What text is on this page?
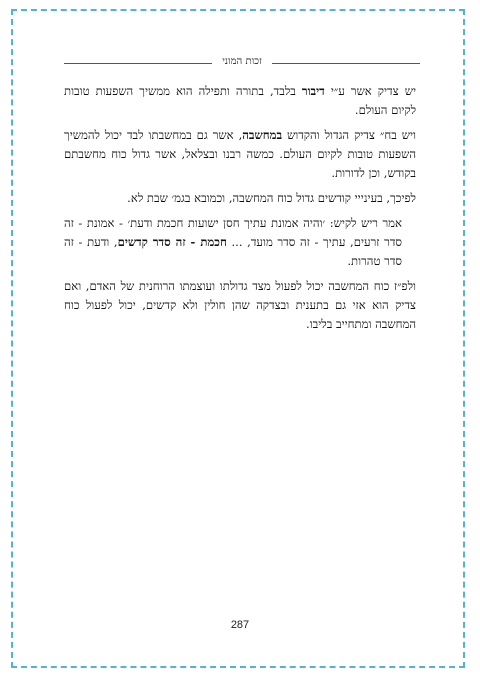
זכות המוני

יש צדיק אשר ע״י דיבור בלבד, בתורה ותפילה הוא ממשיך השפעות טובות לקיום העולם.

ויש בח״ צדיק הגדול והקדוש במחשבה, אשר גם במחשבתו לבד יכול להמשיך השפעות טובות לקיום העולם. כמשה רבנו ובצלאל, אשר גדול כוח מחשבתם בקודש, וכן לדורות.

לפיכך, בעינייי קודשים גדול כוח המחשבה, וכמובא בגמ׳ שבת לא.

אמר ריש לקיש: ׳והיה אמונת עתיך חסן ישועות חכמת ודעת׳ - אמונת - זה סדר זרעים, עתיך - זה סדר מועד, ... חכמת - זה סדר קדשים, ודעת - זה סדר טהרות.

ולפ״ז כוח המחשבה יכול לפעול מצד גדולתו ועוצמתו הרוחנית של האדם, ואם צדיק הוא אזי גם בתענית ובצדקה שהן חולין ולא קדשים, יכול לפעול כוח המחשבה ומתחייב בליבו.

287
